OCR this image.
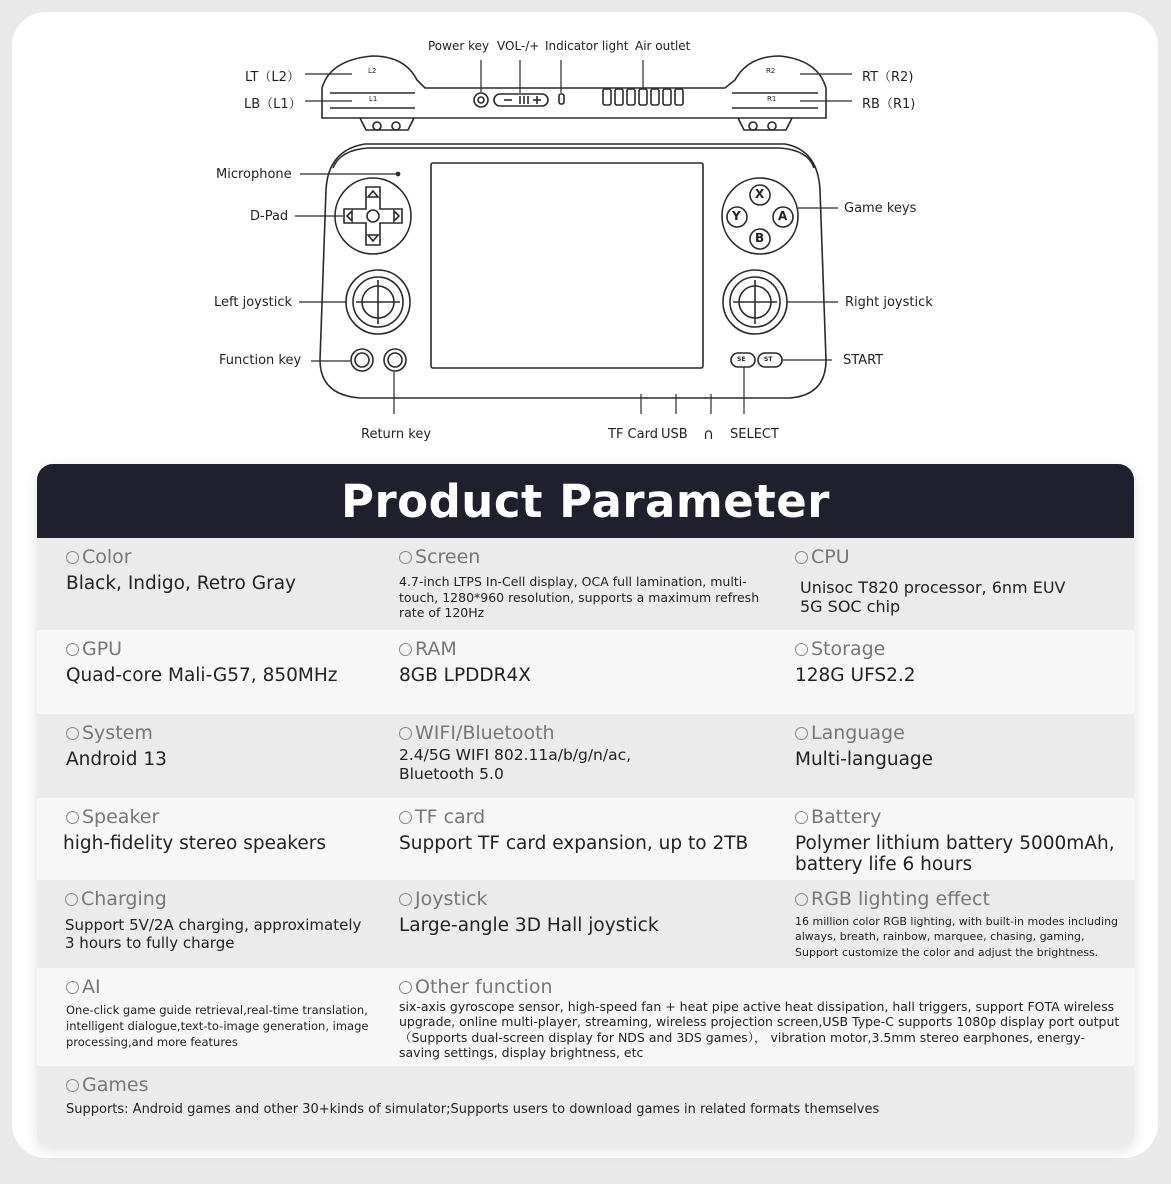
L2
L1
R2
R1
X
Y	A
B
SE	ST
LT（L2）
LB（L1）
RT（R2)
RB（R1)
Power key VOL-/+ Indicator light Air outlet
Microphone
D-Pad
Left joystick
Function key
Return key
Game keys
Right joystick
START
TF Card USB ∩ SELECT
Product Parameter
Color
Black, Indigo, Retro Gray
Screen
4.7-inch LTPS In-Cell display, OCA full lamination, multi-touch, 1280*960 resolution, supports a maximum refresh rate of 120Hz
CPU
Unisoc T820 processor, 6nm EUV 5G SOC chip
GPU
Quad-core Mali-G57, 850MHz
RAM
8GB LPDDR4X
Storage
128G UFS2.2
System
Android 13
WIFI/Bluetooth
2.4/5G WIFI 802.11a/b/g/n/ac, Bluetooth 5.0
Language
Multi-language
Speaker
high-fidelity stereo speakers
TF card
Support TF card expansion, up to 2TB
Battery
Polymer lithium battery 5000mAh, battery life 6 hours
Charging
Support 5V/2A charging, approximately 3 hours to fully charge
Joystick
Large-angle 3D Hall joystick
RGB lighting effect
16 million color RGB lighting, with built-in modes including always, breath, rainbow, marquee, chasing, gaming, Support customize the color and adjust the brightness.
AI
One-click game guide retrieval,real-time translation, intelligent dialogue,text-to-image generation, image processing,and more features
Other function
six-axis gyroscope sensor, high-speed fan + heat pipe active heat dissipation, hall triggers, support FOTA wireless upgrade, online multi-player, streaming, wireless projection screen,USB Type-C supports 1080p display port output（Supports dual-screen display for NDS and 3DS games）， vibration motor,3.5mm stereo earphones, energy-saving settings, display brightness, etc
Games
Supports: Android games and other 30+kinds of simulator;Supports users to download games in related formats themselves
